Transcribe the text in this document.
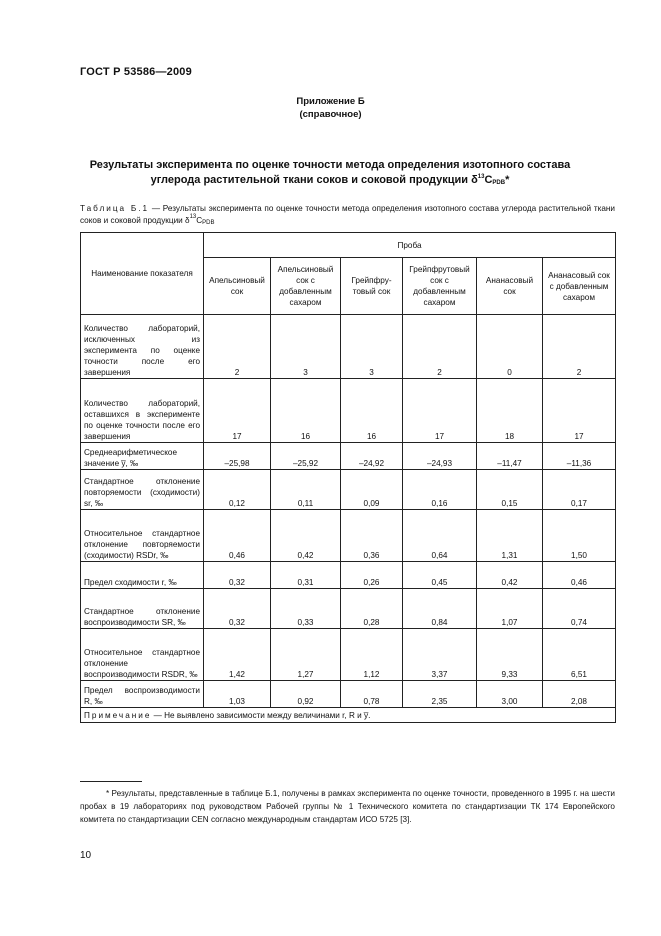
ГОСТ Р 53586—2009
Приложение Б
(справочное)
Результаты эксперимента по оценке точности метода определения изотопного состава
углерода растительной ткани соков и соковой продукции $\delta^{13}C_{PDB}*$
Таблица Б.1 — Результаты эксперимента по оценке точности метода определения изотопного состава углерода растительной ткани соков и соковой продукции $\delta^{13}C_{PDB}$
Наименование показателя	Проба					
	Апельсиновый сок	Апельсиновый сок с добавленным сахаром	Грейпфру-товый сок	Грейпфрутовый сок с добавленным сахаром	Ананасовый сок	Ананасовый сок с добавленным сахаром
Количество лабораторий, исключенных из эксперимента по оценке точности после его завершения	2	3	3	2	0	2
Количество лабораторий, оставшихся в эксперименте по оценке точности после его завершения	17	16	16	17	18	17
Среднеарифметическое значение y̅, ‰	–25,98	–25,92	–24,92	–24,93	–11,47	–11,36
Стандартное отклонение повторяемости (сходимости) sr, ‰	0,12	0,11	0,09	0,16	0,15	0,17
Относительное стандартное отклонение повторяемости (сходимости) RSDr, ‰	0,46	0,42	0,36	0,64	1,31	1,50
Предел сходимости r, ‰	0,32	0,31	0,26	0,45	0,42	0,46
Стандартное отклонение воспроизводимости SR, ‰	0,32	0,33	0,28	0,84	1,07	0,74
Относительное стандартное отклонение воспроизводимости RSDR, ‰	1,42	1,27	1,12	3,37	9,33	6,51
Предел воспроизводимости R, ‰	1,03	0,92	0,78	2,35	3,00	2,08
Примечание — Не выявлено зависимости между величинами r, R и y̅.						
* Результаты, представленные в таблице Б.1, получены в рамках эксперимента по оценке точности, проведенного в 1995 г. на шести пробах в 19 лабораториях под руководством Рабочей группы № 1 Технического комитета по стандартизации ТК 174 Европейского комитета по стандартизации CEN согласно международным стандартам ИСО 5725 [3].
10
